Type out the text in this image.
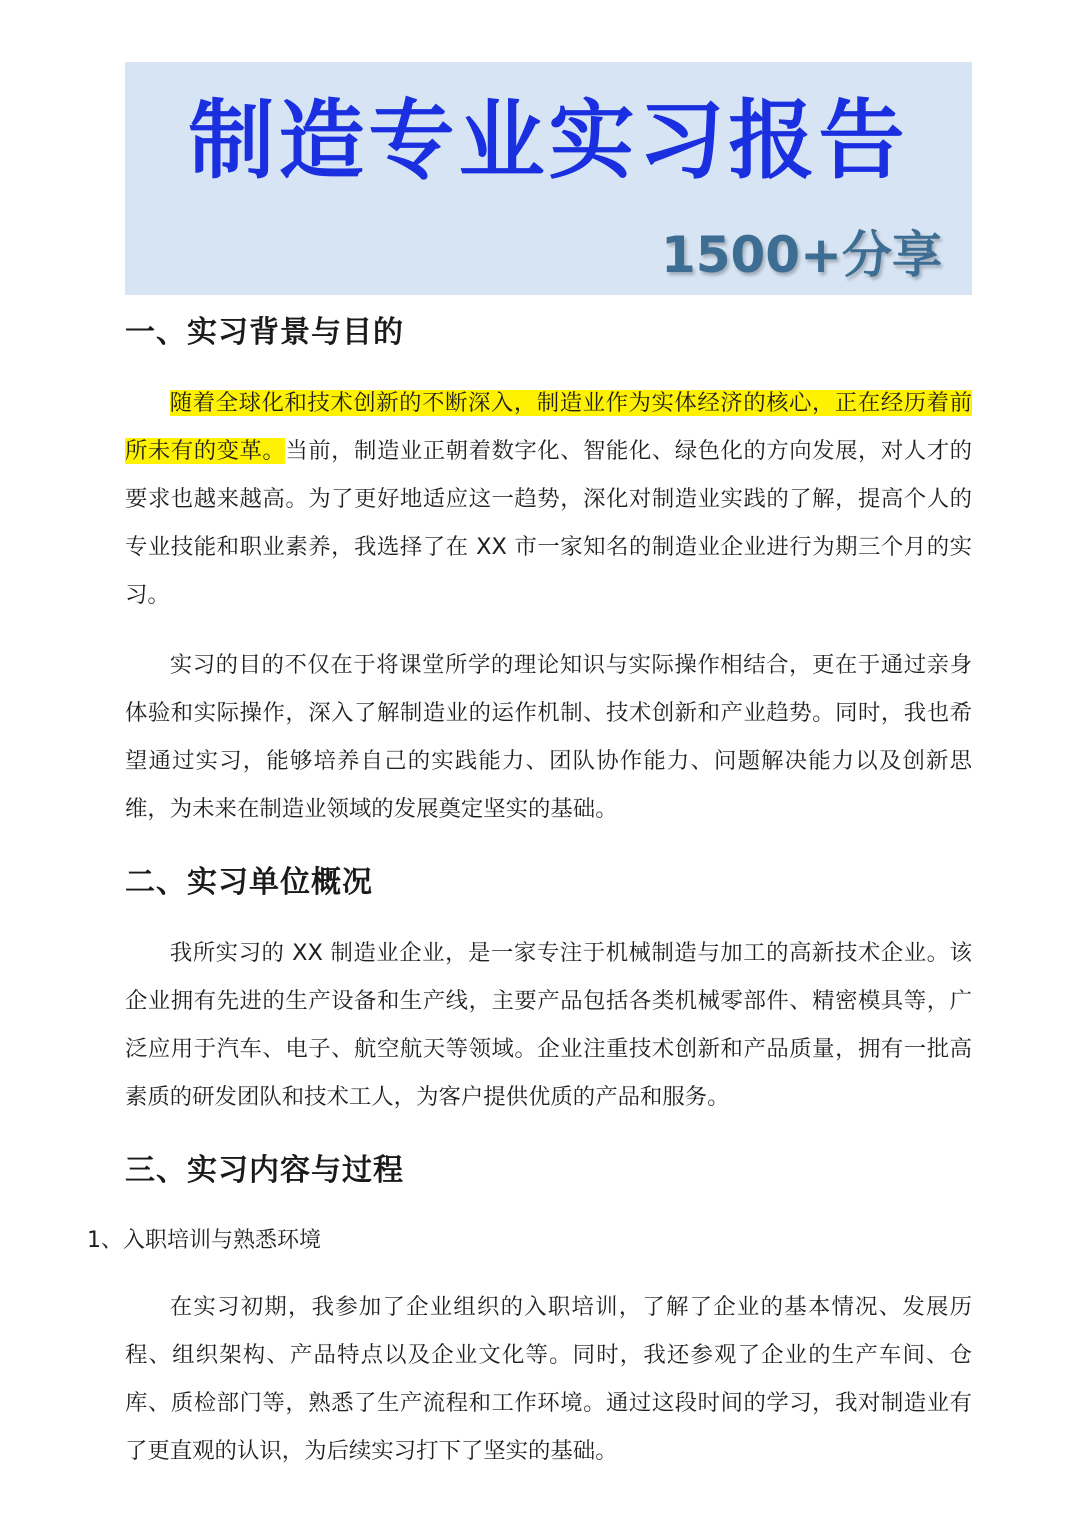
制造专业实习报告
1500+分享
一、实习背景与目的

随着全球化和技术创新的不断深入，制造业作为实体经济的核心，正在经历着前所未有的变革。当前，制造业正朝着数字化、智能化、绿色化的方向发展，对人才的要求也越来越高。为了更好地适应这一趋势，深化对制造业实践的了解，提高个人的专业技能和职业素养，我选择了在 XX 市一家知名的制造业企业进行为期三个月的实习。

实习的目的不仅在于将课堂所学的理论知识与实际操作相结合，更在于通过亲身体验和实际操作，深入了解制造业的运作机制、技术创新和产业趋势。同时，我也希望通过实习，能够培养自己的实践能力、团队协作能力、问题解决能力以及创新思维，为未来在制造业领域的发展奠定坚实的基础。

二、实习单位概况

我所实习的 XX 制造业企业，是一家专注于机械制造与加工的高新技术企业。该企业拥有先进的生产设备和生产线，主要产品包括各类机械零部件、精密模具等，广泛应用于汽车、电子、航空航天等领域。企业注重技术创新和产品质量，拥有一批高素质的研发团队和技术工人，为客户提供优质的产品和服务。

三、实习内容与过程
1、入职培训与熟悉环境

在实习初期，我参加了企业组织的入职培训，了解了企业的基本情况、发展历程、组织架构、产品特点以及企业文化等。同时，我还参观了企业的生产车间、仓库、质检部门等，熟悉了生产流程和工作环境。通过这段时间的学习，我对制造业有了更直观的认识，为后续实习打下了坚实的基础。
